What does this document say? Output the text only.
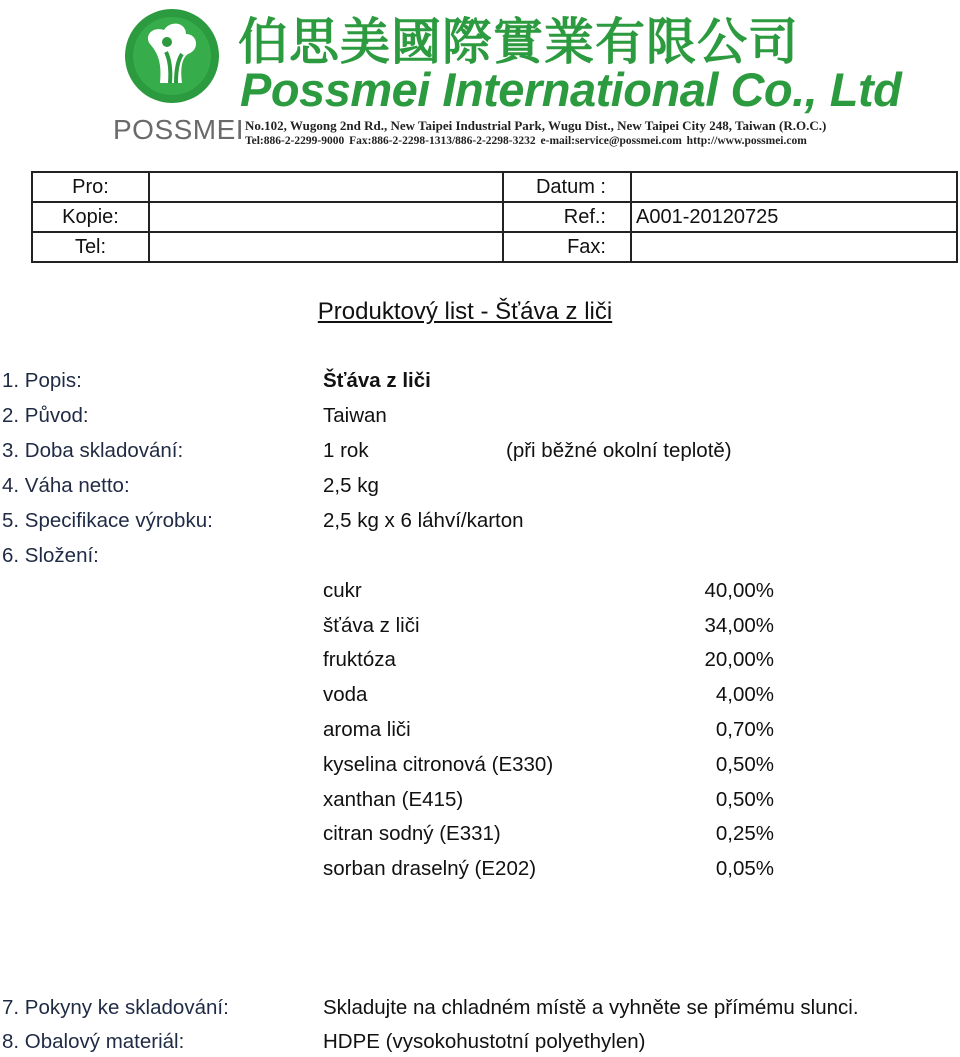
POSSMEI
伯思美國際實業有限公司
Possmei International Co., Ltd
No.102, Wugong 2nd Rd., New Taipei Industrial Park, Wugu Dist., New Taipei City 248, Taiwan (R.O.C.)
Tel:886-2-2299-9000 Fax:886-2-2298-1313/886-2-2298-3232 e-mail:service@possmei.com http://www.possmei.com
Pro:		Datum :	
Kopie:		Ref.:	A001-20120725
Tel:		Fax:	
Produktový list - Šťáva z liči
1. Popis:	Šťáva z liči
2. Původ:	Taiwan
3. Doba skladování:	1 rok	(při běžné okolní teplotě)
4. Váha netto:	2,5 kg
5. Specifikace výrobku:	2,5 kg x 6 láhví/karton
6. Složení:
cukr	40,00%
šťáva z liči	34,00%
fruktóza	20,00%
voda	4,00%
aroma liči	0,70%
kyselina citronová (E330)	0,50%
xanthan (E415)	0,50%
citran sodný (E331)	0,25%
sorban draselný (E202)	0,05%
7. Pokyny ke skladování:	Skladujte na chladném místě a vyhněte se přímému slunci.
8. Obalový materiál:	HDPE (vysokohustotní polyethylen)
